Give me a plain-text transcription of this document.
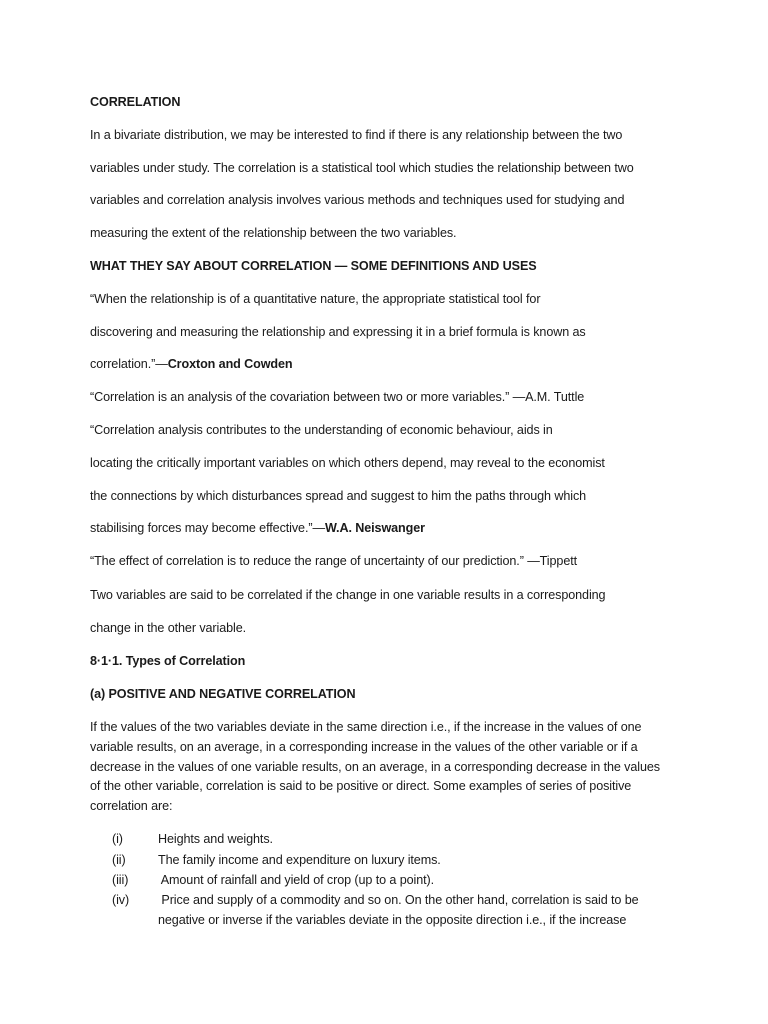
CORRELATION
In a bivariate distribution, we may be interested to find if there is any relationship between the two
variables under study. The correlation is a statistical tool which studies the relationship between two
variables and correlation analysis involves various methods and techniques used for studying and
measuring the extent of the relationship between the two variables.
WHAT THEY SAY ABOUT CORRELATION — SOME DEFINITIONS AND USES
“When the relationship is of a quantitative nature, the appropriate statistical tool for
discovering and measuring the relationship and expressing it in a brief formula is known as
correlation.”—Croxton and Cowden
“Correlation is an analysis of the covariation between two or more variables.” —A.M. Tuttle
“Correlation analysis contributes to the understanding of economic behaviour, aids in
locating the critically important variables on which others depend, may reveal to the economist
the connections by which disturbances spread and suggest to him the paths through which
stabilising forces may become effective.”—W.A. Neiswanger
“The effect of correlation is to reduce the range of uncertainty of our prediction.” —Tippett
Two variables are said to be correlated if the change in one variable results in a corresponding
change in the other variable.
8·1·1. Types of Correlation
(a) POSITIVE AND NEGATIVE CORRELATION
If the values of the two variables deviate in the same direction i.e., if the increase in the values of one
variable results, on an average, in a corresponding increase in the values of the other variable or if a
decrease in the values of one variable results, on an average, in a corresponding decrease in the values
of the other variable, correlation is said to be positive or direct. Some examples of series of positive
correlation are:
(i)	Heights and weights.
(ii)	The family income and expenditure on luxury items.
(iii) Amount of rainfall and yield of crop (up to a point).
(iv) Price and supply of a commodity and so on. On the other hand, correlation is said to be
negative or inverse if the variables deviate in the opposite direction i.e., if the increase
